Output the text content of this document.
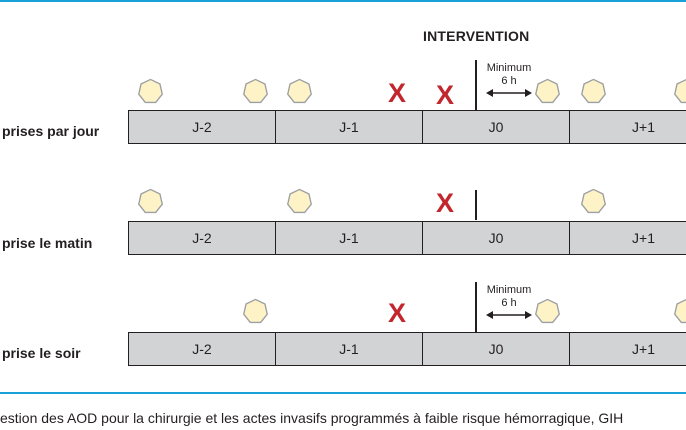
INTERVENTION
prises par jour	J-2	J-1	J0	J+1
Minimum
6 h
prise le matin	J-2	J-1	J0	J+1
prise le soir	J-2	J-1	J0	J+1
Minimum
6 h
X X
X
X
estion des AOD pour la chirurgie et les actes invasifs programmés à faible risque hémorragique, GIH
